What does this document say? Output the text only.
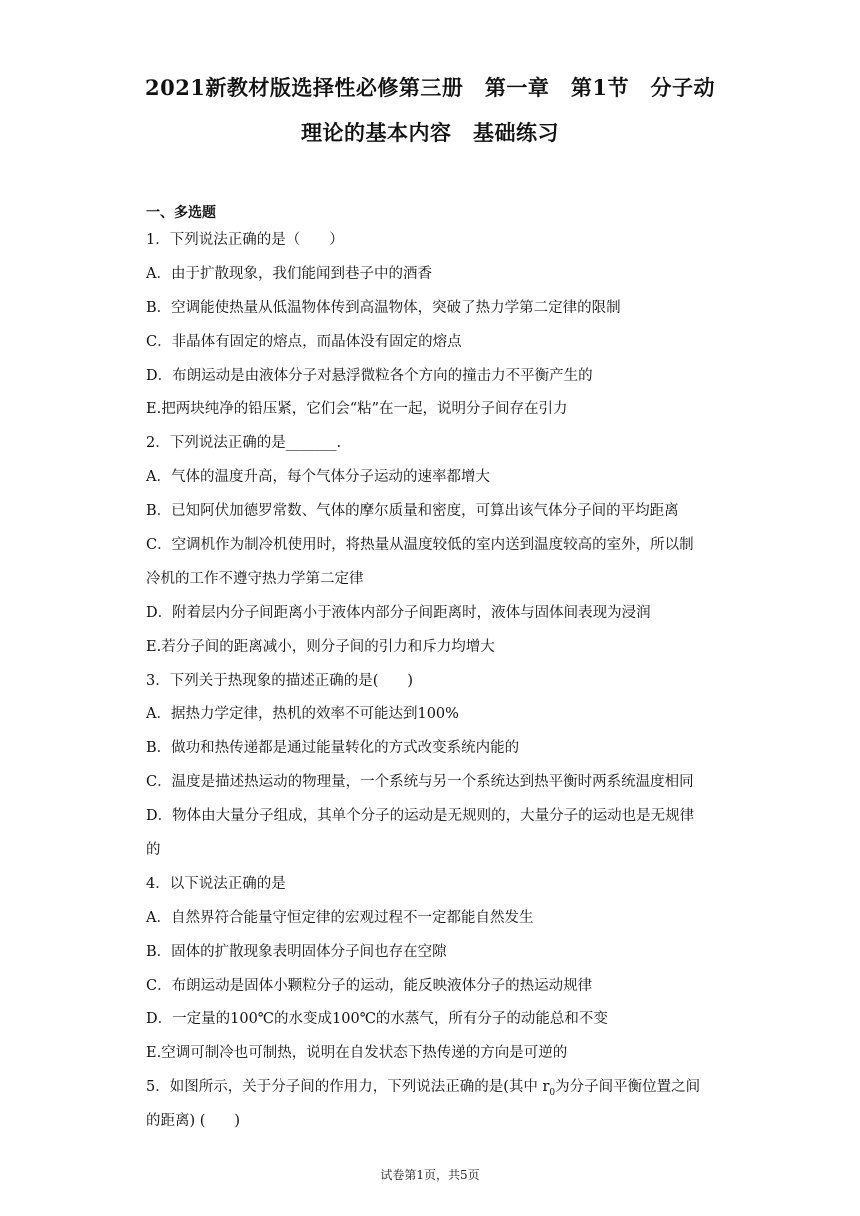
2021新教材版选择性必修第三册　第一章　第1节　分子动
理论的基本内容　基础练习
一、多选题
1．下列说法正确的是（　　）
A．由于扩散现象，我们能闻到巷子中的酒香
B．空调能使热量从低温物体传到高温物体，突破了热力学第二定律的限制
C．非晶体有固定的熔点，而晶体没有固定的熔点
D．布朗运动是由液体分子对悬浮微粒各个方向的撞击力不平衡产生的
E.把两块纯净的铅压紧，它们会“粘”在一起，说明分子间存在引力
2．下列说法正确的是_______.
A．气体的温度升高，每个气体分子运动的速率都增大
B．已知阿伏加德罗常数、气体的摩尔质量和密度，可算出该气体分子间的平均距离
C．空调机作为制冷机使用时，将热量从温度较低的室内送到温度较高的室外，所以制
冷机的工作不遵守热力学第二定律
D．附着层内分子间距离小于液体内部分子间距离时，液体与固体间表现为浸润
E.若分子间的距离减小，则分子间的引力和斥力均增大
3．下列关于热现象的描述正确的是(　　)
A．据热力学定律，热机的效率不可能达到100%
B．做功和热传递都是通过能量转化的方式改变系统内能的
C．温度是描述热运动的物理量，一个系统与另一个系统达到热平衡时两系统温度相同
D．物体由大量分子组成，其单个分子的运动是无规则的，大量分子的运动也是无规律
的
4．以下说法正确的是
A．自然界符合能量守恒定律的宏观过程不一定都能自然发生
B．固体的扩散现象表明固体分子间也存在空隙
C．布朗运动是固体小颗粒分子的运动，能反映液体分子的热运动规律
D．一定量的100℃的水变成100℃的水蒸气，所有分子的动能总和不变
E.空调可制冷也可制热，说明在自发状态下热传递的方向是可逆的
5．如图所示，关于分子间的作用力，下列说法正确的是(其中 $r_0$为分子间平衡位置之间
的距离) (　　)
试卷第1页，共5页
